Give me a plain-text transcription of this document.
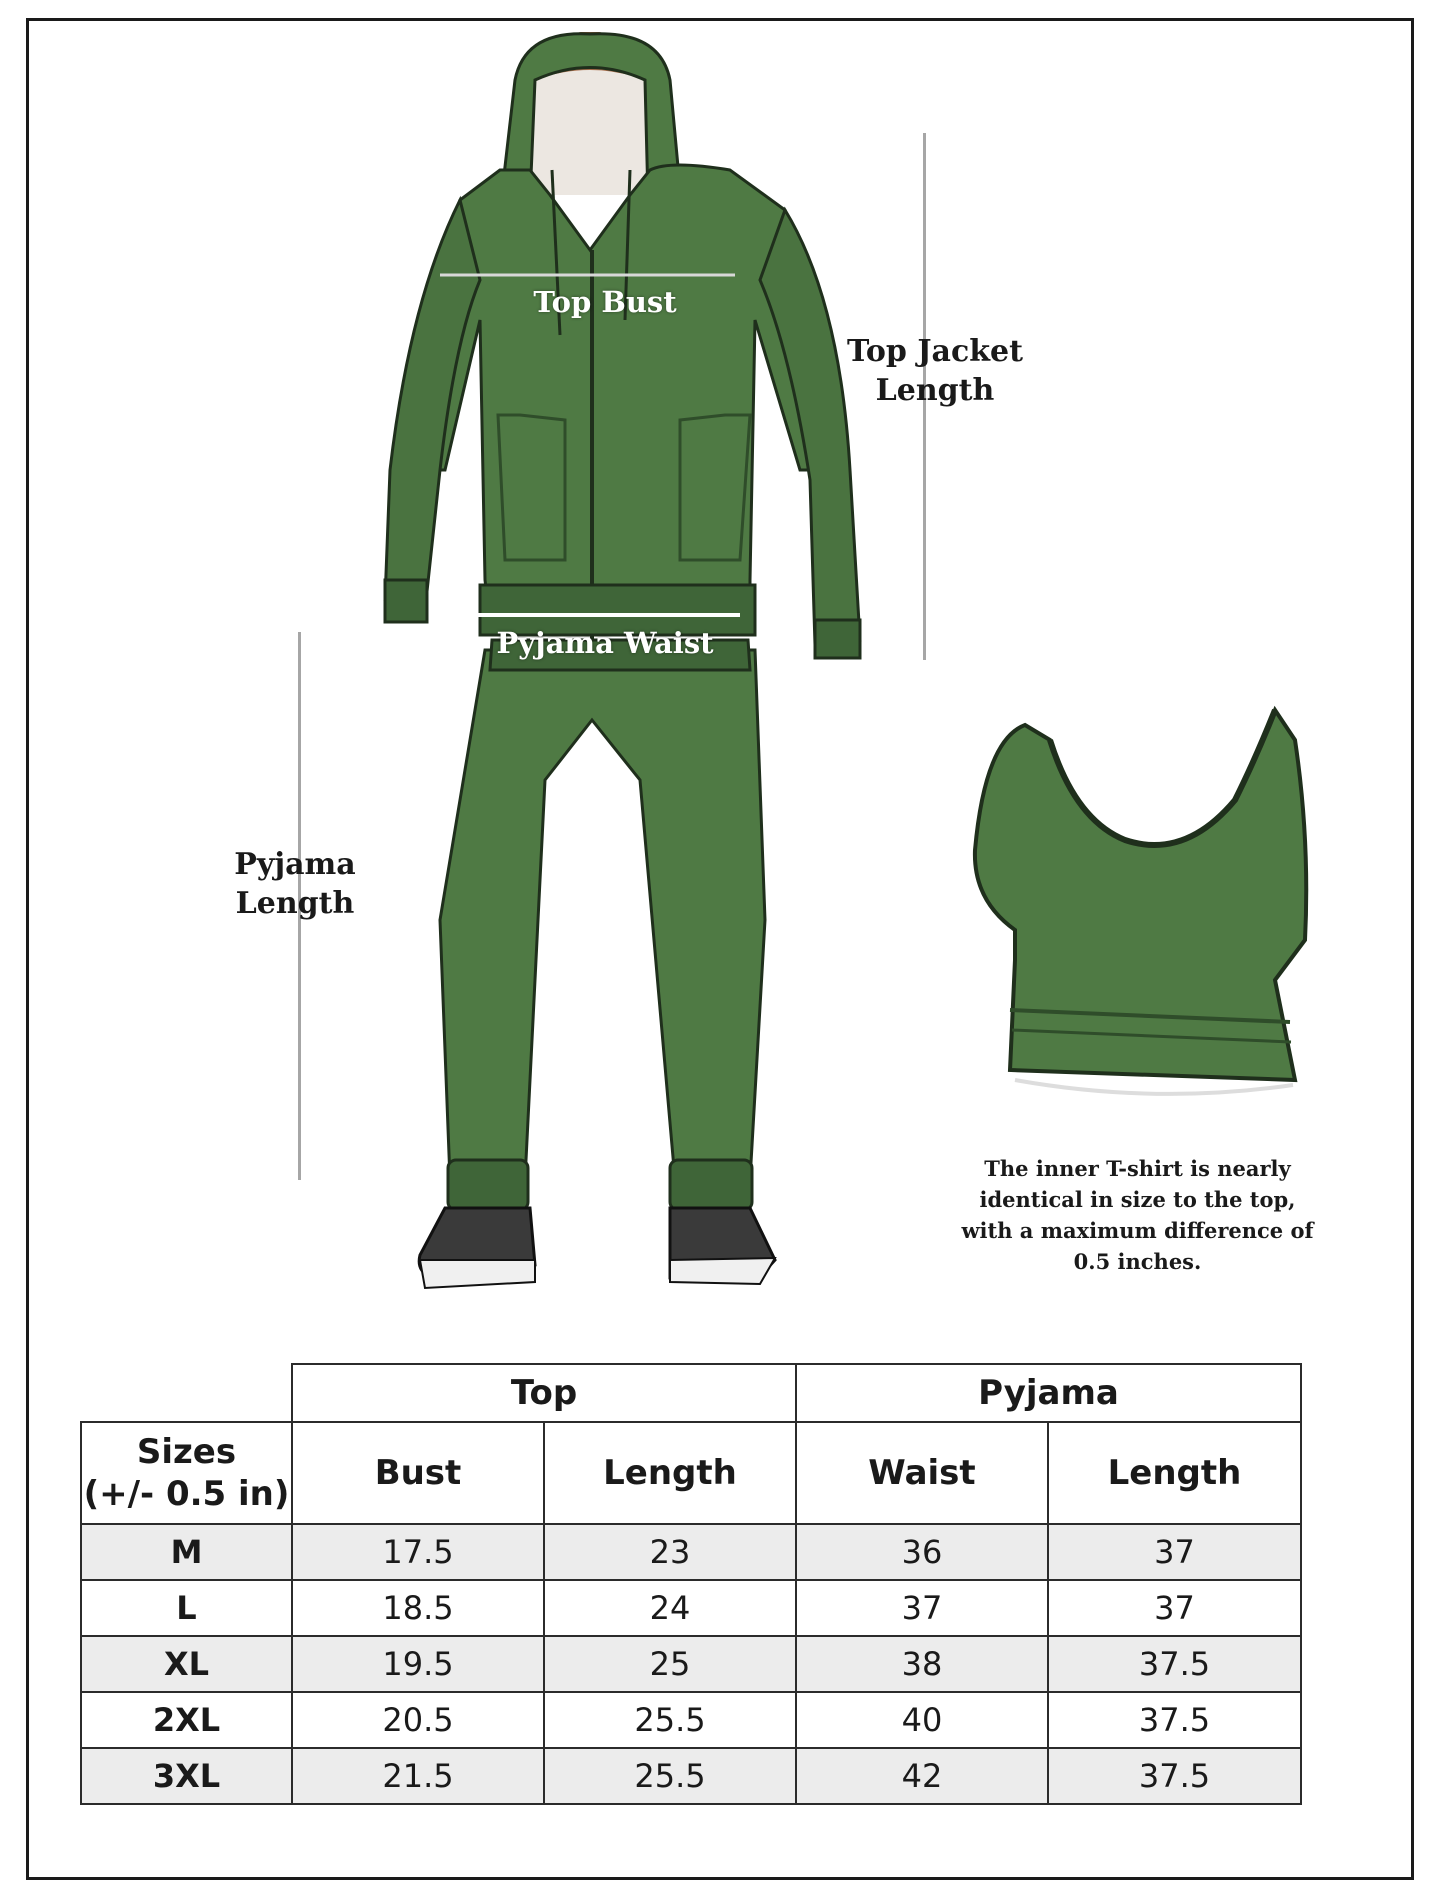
Top Bust
Pyjama Waist
Top Jacket
Length
Pyjama
Length
The inner T-shirt is nearly identical in size to the top, with a maximum difference of 0.5 inches.
	Top		Pyjama	

Sizes
(+/- 0.5 in)	Bust	Length	Waist	Length
M	17.5	23	36	37
L	18.5	24	37	37
XL	19.5	25	38	37.5
2XL	20.5	25.5	40	37.5
3XL	21.5	25.5	42	37.5
